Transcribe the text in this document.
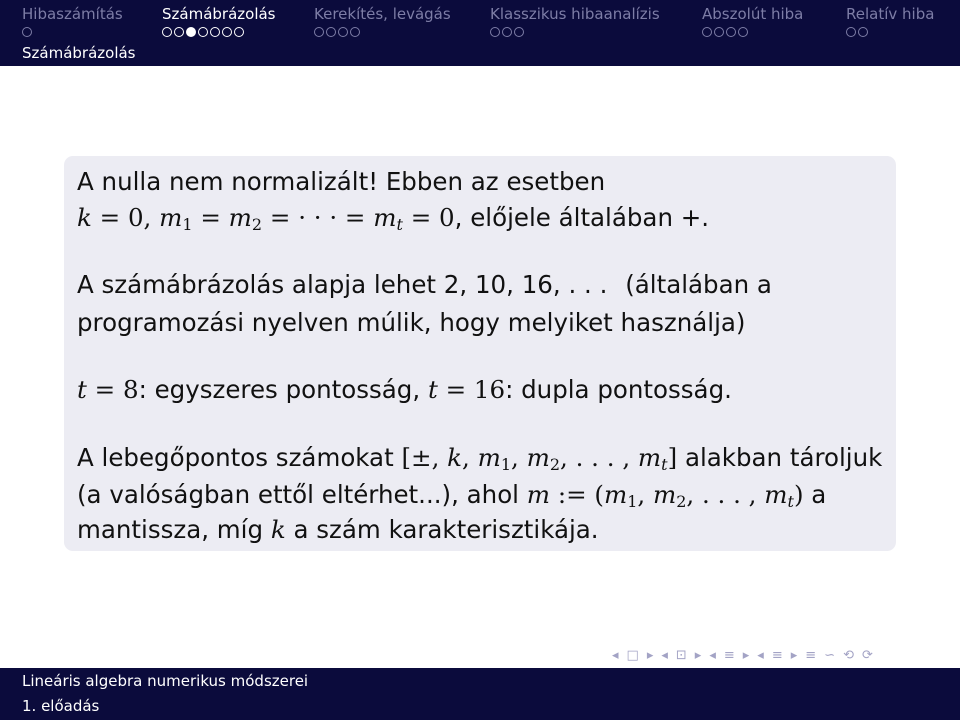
Hibaszámítás	Számábrázolás	Kerekítés, levágás	Klasszikus hibaanalízis	Abszolút hiba	Relatív hiba
Számábrázolás
A nulla nem normalizált! Ebben az esetben
k = 0, $m_1 = m_2$ = · · · = $m_t = 0$, előjele általában +.
A számábrázolás alapja lehet 2, 10, 16, . . . (általában a
programozási nyelven múlik, hogy melyiket használja)
t = 8: egyszeres pontosság, t = 16: dupla pontosság.
A lebegőpontos számokat [±, k, $m_1$, $m_2$, . . . , $m_t$] alakban tároljuk
(a valóságban ettől eltérhet...), ahol m := ($m_1$, $m_2$, . . . , $m_t$) a
mantissza, míg k a szám karakterisztikája.
◂ □ ▸ ◂ ⊡ ▸ ◂ ≡ ▸ ◂ ≡ ▸ ≡ ∽ ⟲ ⟳
Lineáris algebra numerikus módszerei
1. előadás
